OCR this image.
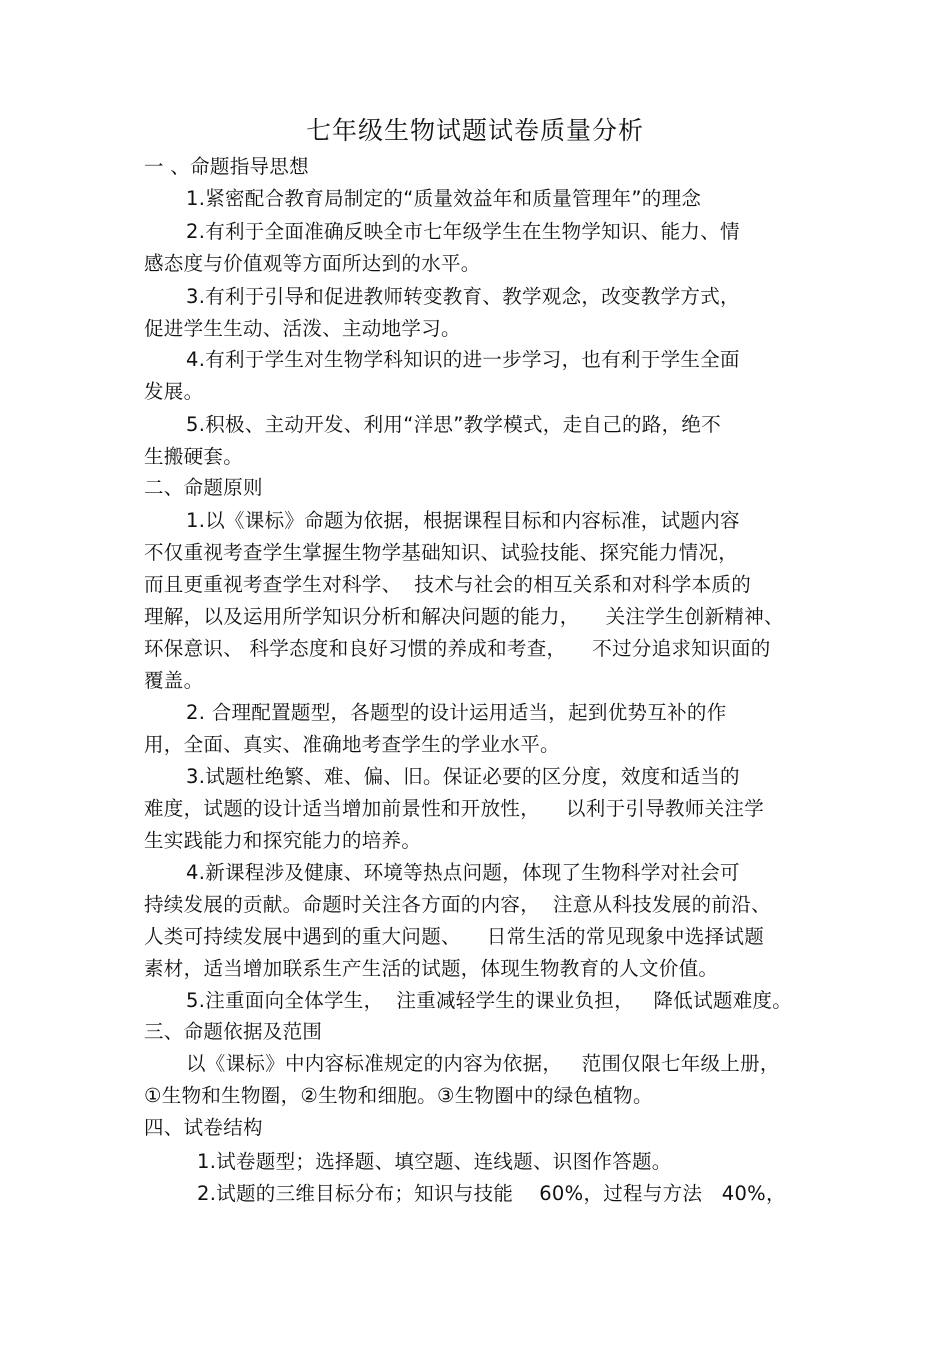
七年级生物试题试卷质量分析
一 、命题指导思想
1.紧密配合教育局制定的“质量效益年和质量管理年”的理念
2.有利于全面准确反映全市七年级学生在生物学知识、能力、情
感态度与价值观等方面所达到的水平。
3.有利于引导和促进教师转变教育、教学观念，改变教学方式，
促进学生生动、活泼、主动地学习。
4.有利于学生对生物学科知识的进一步学习，也有利于学生全面
发展。
5.积极、主动开发、利用“洋思”教学模式，走自己的路，绝不
生搬硬套。
二、命题原则
1.以《课标》命题为依据，根据课程目标和内容标准，试题内容
不仅重视考查学生掌握生物学基础知识、试验技能、探究能力情况，
而且更重视考查学生对科学、  技术与社会的相互关系和对科学本质的
理解，以及运用所学知识分析和解决问题的能力，    关注学生创新精神、
环保意识、 科学态度和良好习惯的养成和考查，    不过分追求知识面的
覆盖。
2. 合理配置题型，各题型的设计运用适当，起到优势互补的作
用，全面、真实、准确地考查学生的学业水平。
3.试题杜绝繁、难、偏、旧。保证必要的区分度，效度和适当的
难度，试题的设计适当增加前景性和开放性，    以利于引导教师关注学
生实践能力和探究能力的培养。
4.新课程涉及健康、环境等热点问题，体现了生物科学对社会可
持续发展的贡献。命题时关注各方面的内容，  注意从科技发展的前沿、
人类可持续发展中遇到的重大问题、    日常生活的常见现象中选择试题
素材，适当增加联系生产生活的试题，体现生物教育的人文价值。
5.注重面向全体学生，  注重减轻学生的课业负担，   降低试题难度。
三、命题依据及范围
以《课标》中内容标准规定的内容为依据，   范围仅限七年级上册，
①生物和生物圈，②生物和细胞。③生物圈中的绿色植物。
四、试卷结构
1.试卷题型；选择题、填空题、连线题、识图作答题。
2.试题的三维目标分布；知识与技能    60%，过程与方法   40%，
